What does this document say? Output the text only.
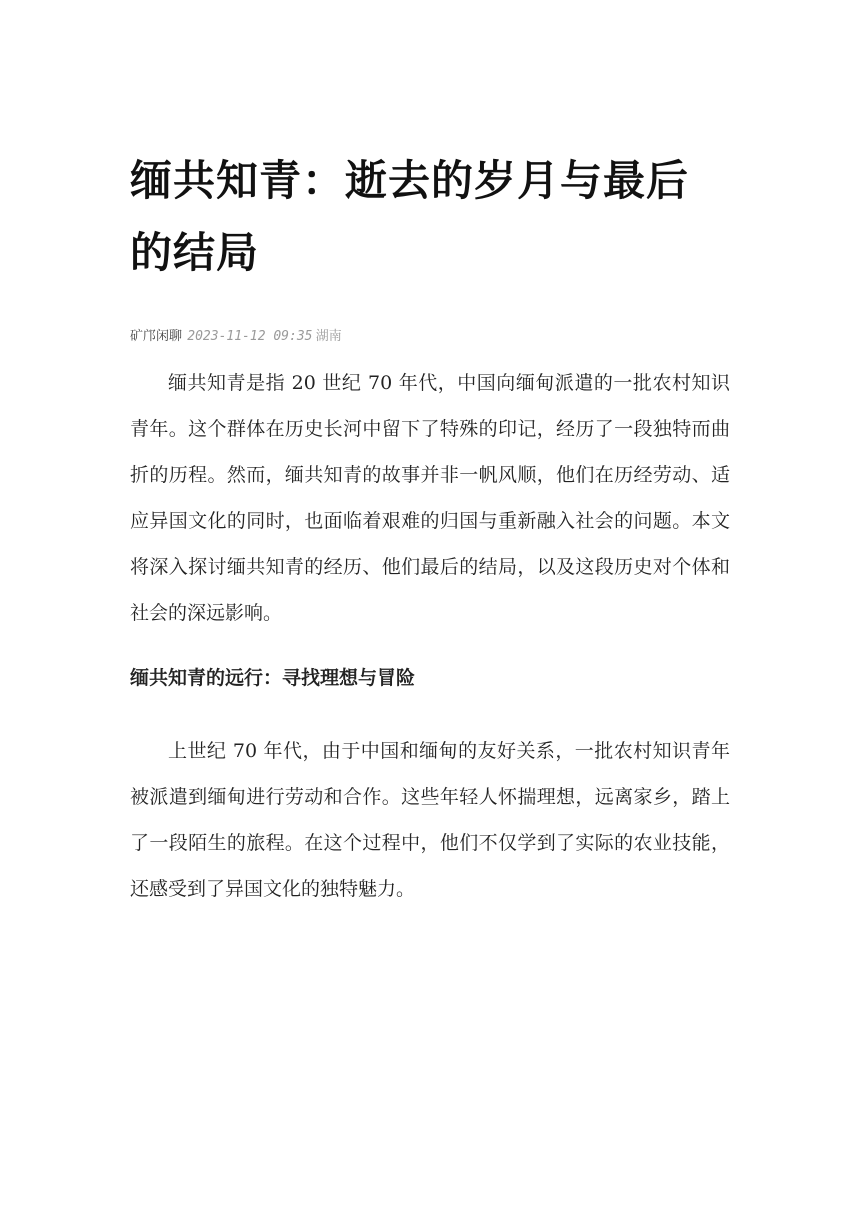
缅共知青：逝去的岁月与最后的结局
矿邝闲聊 2023-11-12 09:35 湖南

缅共知青是指 20 世纪 70 年代，中国向缅甸派遣的一批农村知识青年。这个群体在历史长河中留下了特殊的印记，经历了一段独特而曲折的历程。然而，缅共知青的故事并非一帆风顺，他们在历经劳动、适应异国文化的同时，也面临着艰难的归国与重新融入社会的问题。本文将深入探讨缅共知青的经历、他们最后的结局，以及这段历史对个体和社会的深远影响。

缅共知青的远行：寻找理想与冒险

上世纪 70 年代，由于中国和缅甸的友好关系，一批农村知识青年被派遣到缅甸进行劳动和合作。这些年轻人怀揣理想，远离家乡，踏上了一段陌生的旅程。在这个过程中，他们不仅学到了实际的农业技能，还感受到了异国文化的独特魅力。
